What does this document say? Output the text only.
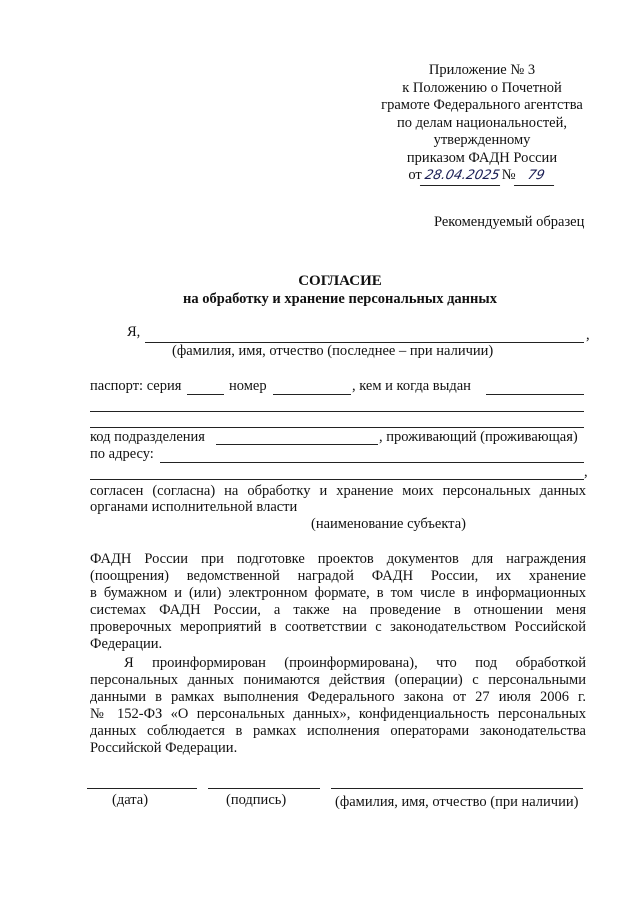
Приложение № 3
к Положению о Почетной
грамоте Федерального агентства
по делам национальностей,
утвержденному
приказом ФАДН России
от28.04.2025№ 79
Рекомендуемый образец
СОГЛАСИЕ
на обработку и хранение персональных данных
Я,	,
(фамилия, имя, отчество (последнее – при наличии)
паспорт: серия	номер	, кем и когда выдан
код подразделения	, проживающий (проживающая)
по адресу:
,
согласен (согласна) на обработку и хранение моих персональных данных
органами исполнительной власти
(наименование субъекта)
ФАДН России при подготовке проектов документов для награждения
(поощрения) ведомственной наградой ФАДН России, их хранение
в бумажном и (или) электронном формате, в том числе в информационных
системах ФАДН России, а также на проведение в отношении меня
проверочных мероприятий в соответствии с законодательством Российской
Федерации.
Я проинформирован (проинформирована), что под обработкой
персональных данных понимаются действия (операции) с персональными
данными в рамках выполнения Федерального закона от 27 июля 2006 г.
№ 152-ФЗ «О персональных данных», конфиденциальность персональных
данных соблюдается в рамках исполнения операторами законодательства
Российской Федерации.
(дата)	(подпись)	(фамилия, имя, отчество (при наличии)
